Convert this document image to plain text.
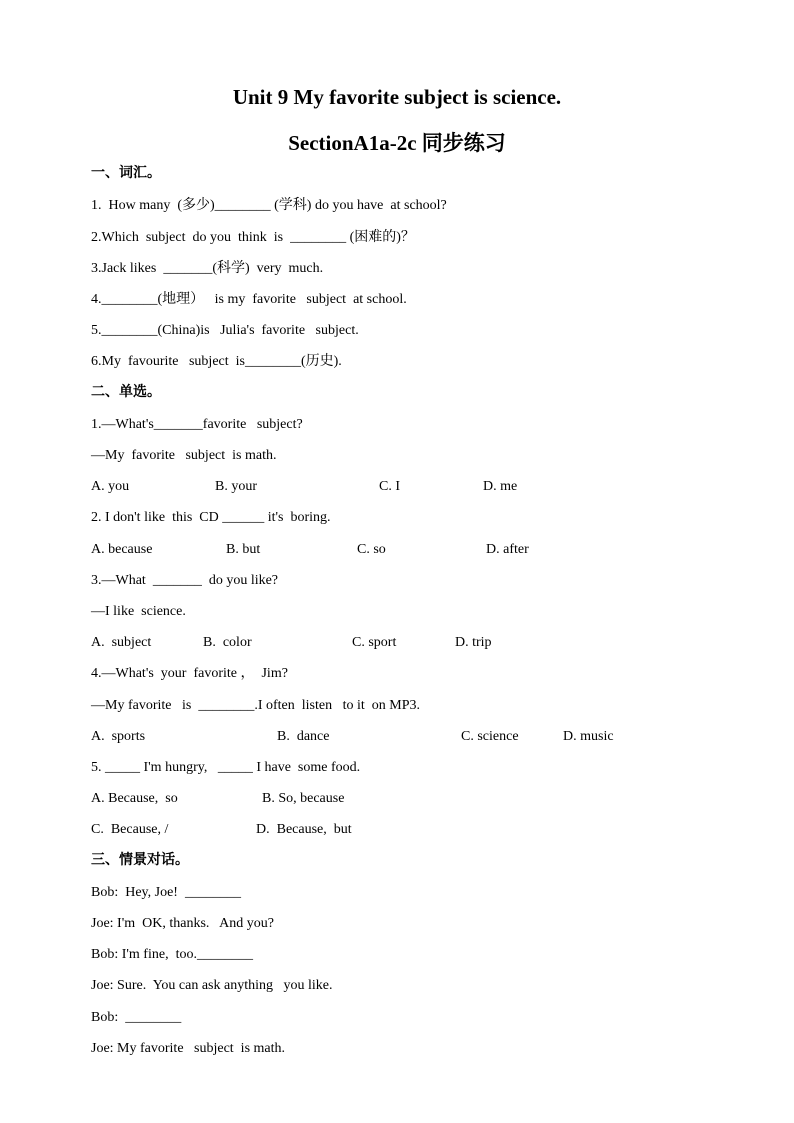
Unit 9 My favorite subject is science.
SectionA1a-2c 同步练习
一、词汇。
1.  How many  (多少)________ (学科) do you have  at school?
2.Which  subject  do you  think  is  ________ (困难的)？
3.Jack likes  _______(科学)  very  much.
4.________(地理）   is my  favorite   subject  at school.
5.________(China)is   Julia's  favorite   subject.
6.My  favourite   subject  is________(历史).
二、单选。
1.—What's_______favorite   subject?
—My  favorite   subject  is math.
A. you	B. your	C. I	D. me
2. I don't like  this  CD ______ it's  boring.
A. because	B. but	C. so	D. after
3.—What  _______  do you like?
—I like  science.
A.  subject	B.  color	C. sport	D. trip
4.—What's  your  favorite ，  Jim?
—My favorite   is  ________.I often  listen   to it  on MP3.
A.  sports	B.  dance	C. science	D. music
5. _____ I'm hungry,   _____ I have  some food.
A. Because,  so	B. So, because
C.  Because, /	D.  Because,  but
三、情景对话。
Bob:  Hey, Joe!  ________
Joe: I'm  OK, thanks.   And you?
Bob: I'm fine,  too.________
Joe: Sure.  You can ask anything   you like.
Bob:  ________
Joe: My favorite   subject  is math.
